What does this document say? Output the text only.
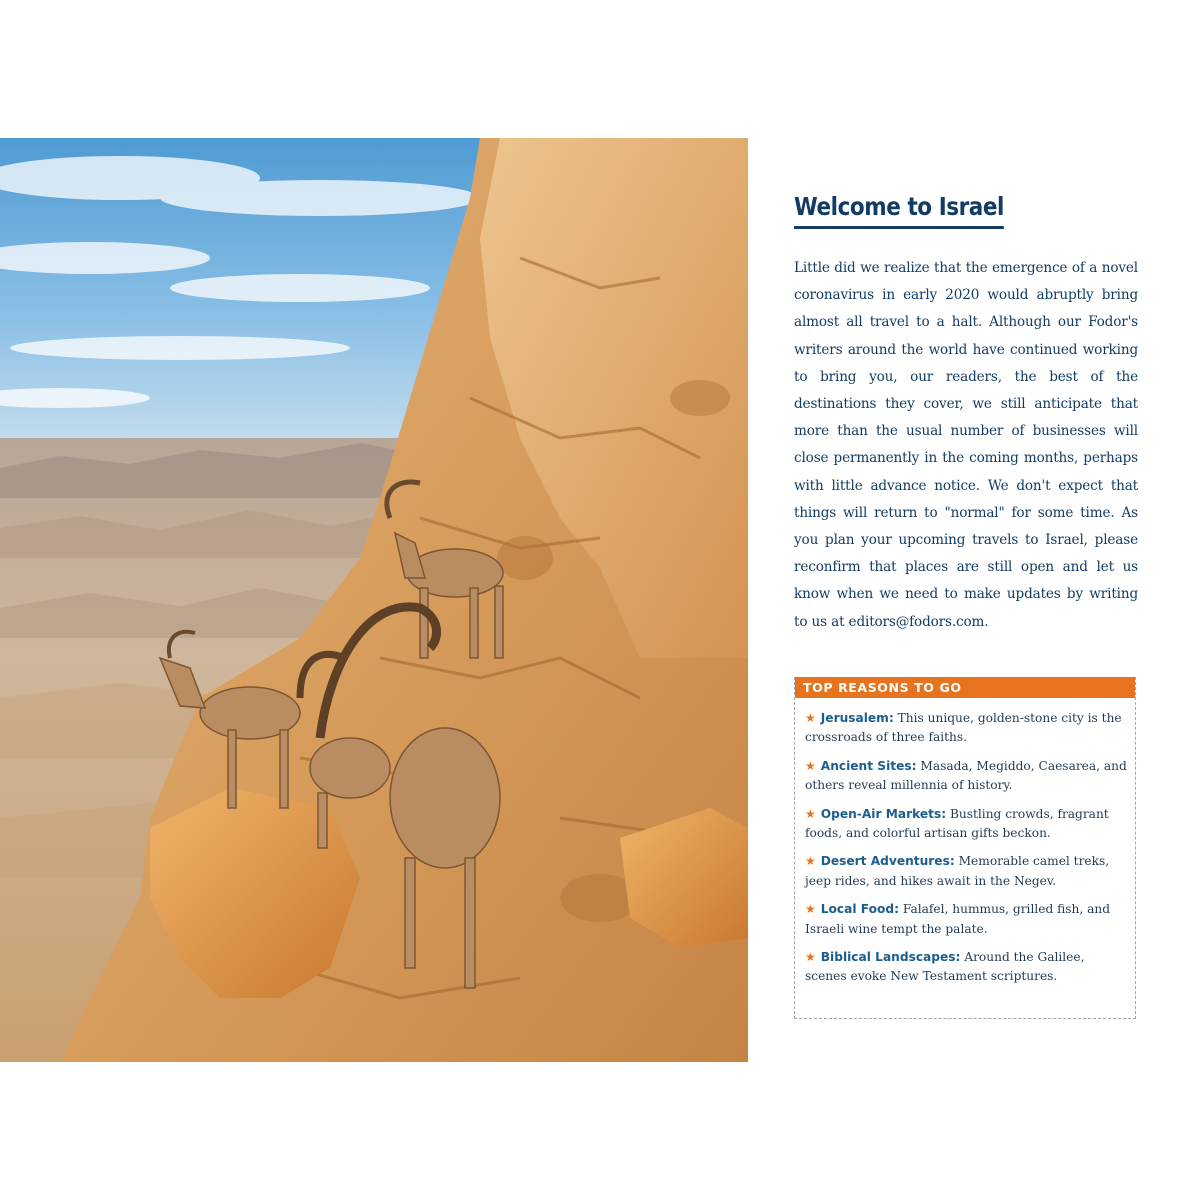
Welcome to Israel

Little did we realize that the emergence of a novel coronavirus in early 2020 would abruptly bring almost all travel to a halt. Although our Fodor's writers around the world have continued working to bring you, our readers, the best of the destinations they cover, we still anticipate that more than the usual number of businesses will close permanently in the coming months, perhaps with little advance notice. We don't expect that things will return to "normal" for some time. As you plan your upcoming travels to Israel, please reconfirm that places are still open and let us know when we need to make updates by writing to us at editors@fodors.com.

TOP REASONS TO GO
★ Jerusalem: This unique, golden-stone city is the crossroads of three faiths.
★ Ancient Sites: Masada, Megiddo, Caesarea, and others reveal millennia of history.
★ Open-Air Markets: Bustling crowds, fragrant foods, and colorful artisan gifts beckon.
★ Desert Adventures: Memorable camel treks, jeep rides, and hikes await in the Negev.
★ Local Food: Falafel, hummus, grilled fish, and Israeli wine tempt the palate.
★ Biblical Landscapes: Around the Galilee, scenes evoke New Testament scriptures.
